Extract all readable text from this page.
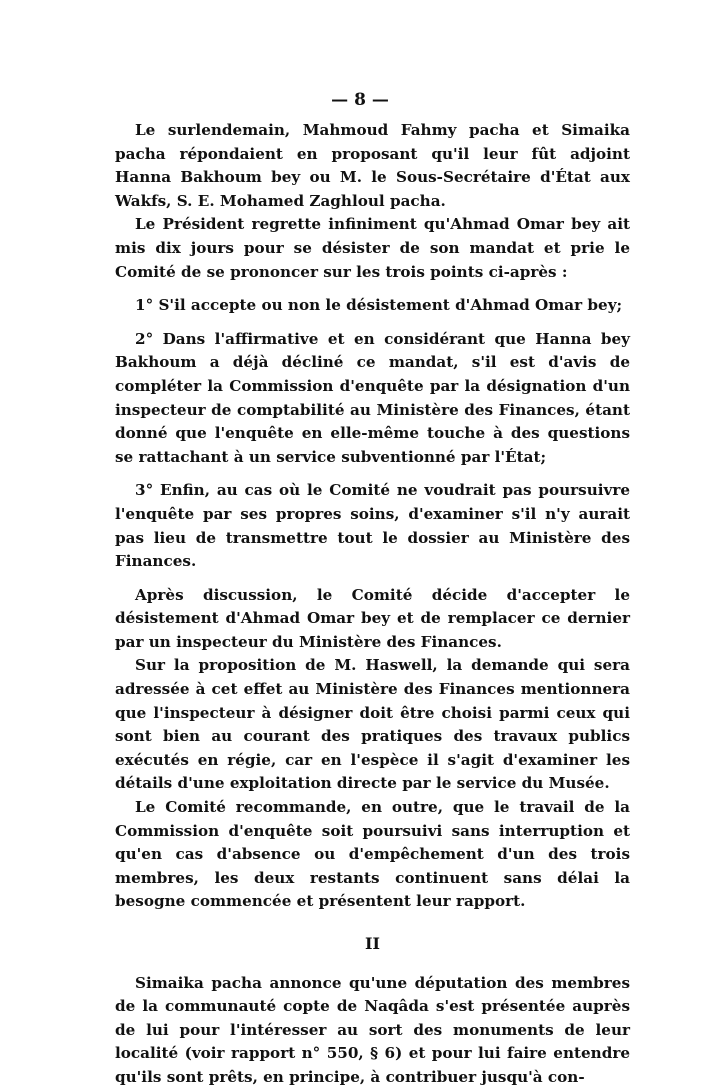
— 8 —

Le surlendemain, Mahmoud Fahmy pacha et Simaika pacha répondaient en proposant qu'il leur fût adjoint Hanna Bakhoum bey ou M. le Sous-Secrétaire d'État aux Wakfs, S. E. Mohamed Zaghloul pacha.

Le Président regrette infiniment qu'Ahmad Omar bey ait mis dix jours pour se désister de son mandat et prie le Comité de se prononcer sur les trois points ci-après :

1° S'il accepte ou non le désistement d'Ahmad Omar bey;

2° Dans l'affirmative et en considérant que Hanna bey Bakhoum a déjà décliné ce mandat, s'il est d'avis de compléter la Commission d'enquête par la désignation d'un inspecteur de comptabilité au Ministère des Finances, étant donné que l'enquête en elle-même touche à des questions se rattachant à un service subventionné par l'État;

3° Enfin, au cas où le Comité ne voudrait pas poursuivre l'enquête par ses propres soins, d'examiner s'il n'y aurait pas lieu de transmettre tout le dossier au Ministère des Finances.

Après discussion, le Comité décide d'accepter le désistement d'Ahmad Omar bey et de remplacer ce dernier par un inspecteur du Ministère des Finances.

Sur la proposition de M. Haswell, la demande qui sera adressée à cet effet au Ministère des Finances mentionnera que l'inspecteur à désigner doit être choisi parmi ceux qui sont bien au courant des pratiques des travaux publics exécutés en régie, car en l'espèce il s'agit d'examiner les détails d'une exploitation directe par le service du Musée.

Le Comité recommande, en outre, que le travail de la Commission d'enquête soit poursuivi sans interruption et qu'en cas d'absence ou d'empêchement d'un des trois membres, les deux restants continuent sans délai la besogne commencée et présentent leur rapport.

II

Simaika pacha annonce qu'une députation des membres de la communauté copte de Naqâda s'est présentée auprès de lui pour l'intéresser au sort des monuments de leur localité (voir rapport n° 550, § 6) et pour lui faire entendre qu'ils sont prêts, en principe, à contribuer jusqu'à con-
